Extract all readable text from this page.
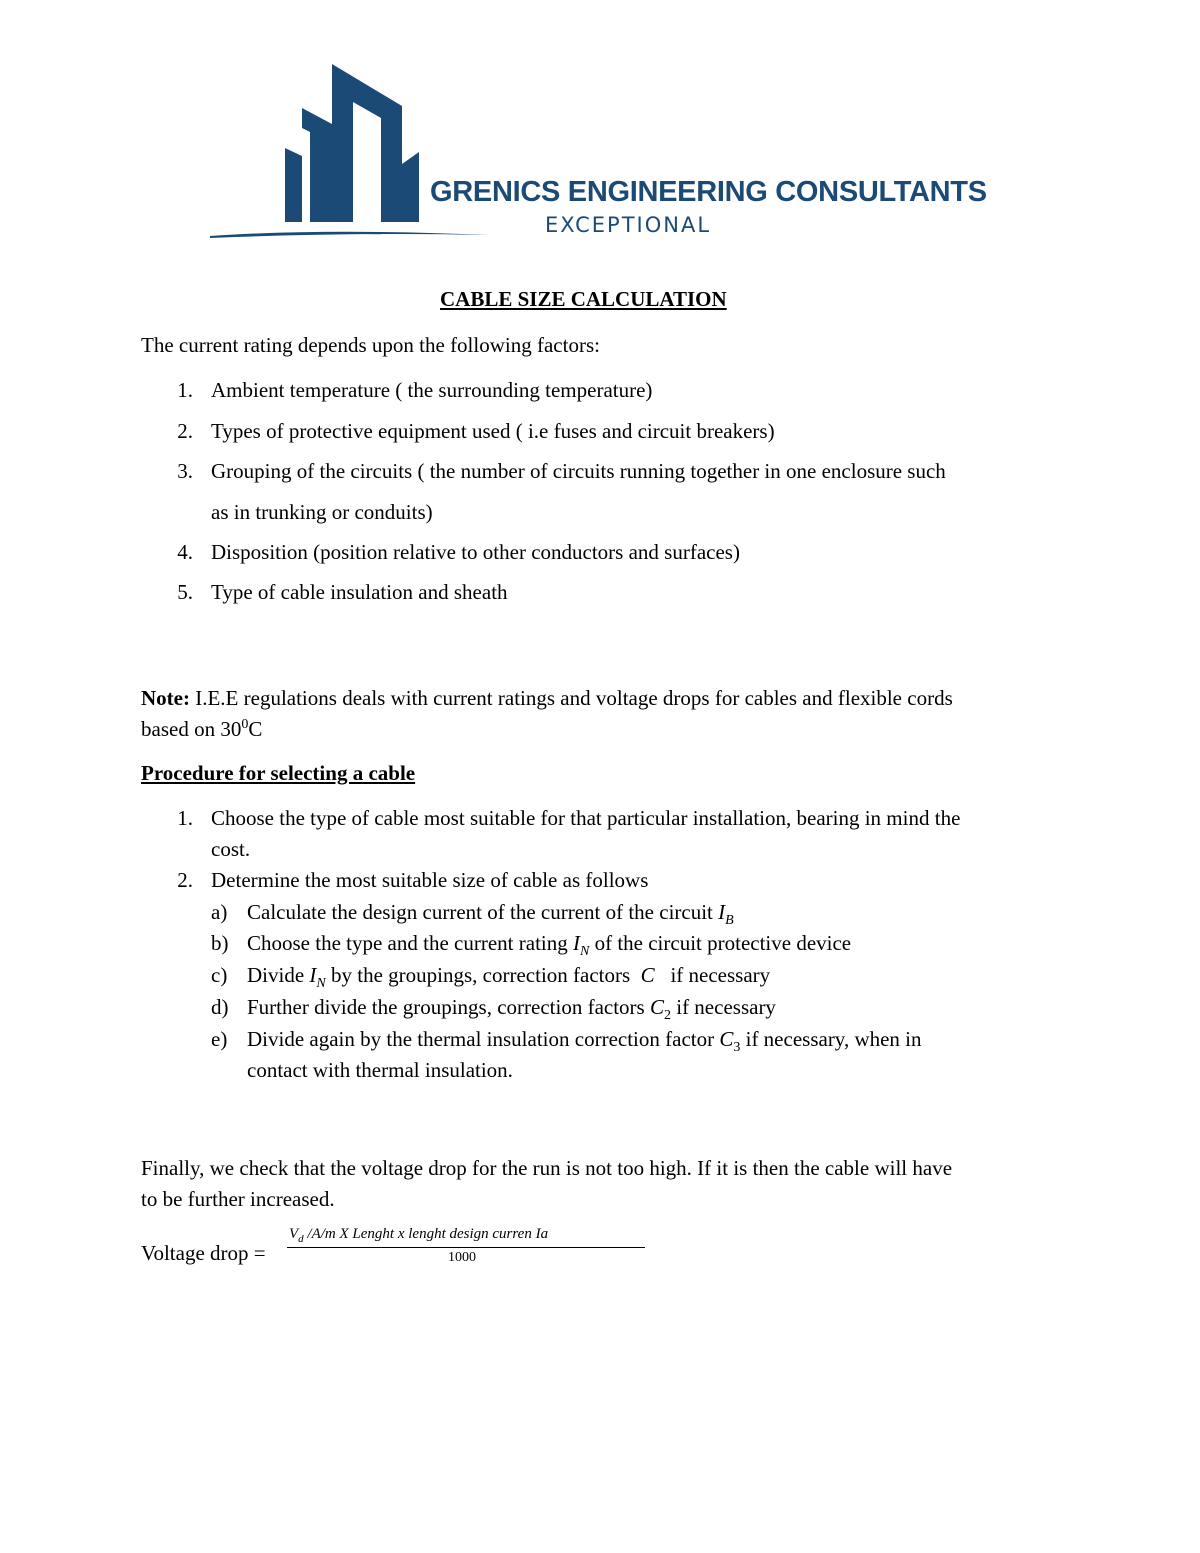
GRENICS ENGINEERING CONSULTANTS
EXCEPTIONAL
CABLE SIZE CALCULATION
The current rating depends upon the following factors:
1. Ambient temperature ( the surrounding temperature)
2. Types of protective equipment used ( i.e fuses and circuit breakers)
3. Grouping of the circuits ( the number of circuits running together in one enclosure such
as in trunking or conduits)
4. Disposition (position relative to other conductors and surfaces)
5. Type of cable insulation and sheath
Note: I.E.E regulations deals with current ratings and voltage drops for cables and flexible cords
based on $30^0C$
Procedure for selecting a cable
1. Choose the type of cable most suitable for that particular installation, bearing in mind the
cost.
2. Determine the most suitable size of cable as follows
a) Calculate the design current of the current of the circuit $I_B$
b) Choose the type and the current rating $I_N$ of the circuit protective device
c) Divide $I_N$ by the groupings, correction factors  C   if necessary
d) Further divide the groupings, correction factors $C_2$ if necessary
e) Divide again by the thermal insulation correction factor $C_3$ if necessary, when in
contact with thermal insulation.
Finally, we check that the voltage drop for the run is not too high. If it is then the cable will have
to be further increased.
Voltage drop =
$V_d$ /A/m X Lenght x lenght design curren Ia
1000
